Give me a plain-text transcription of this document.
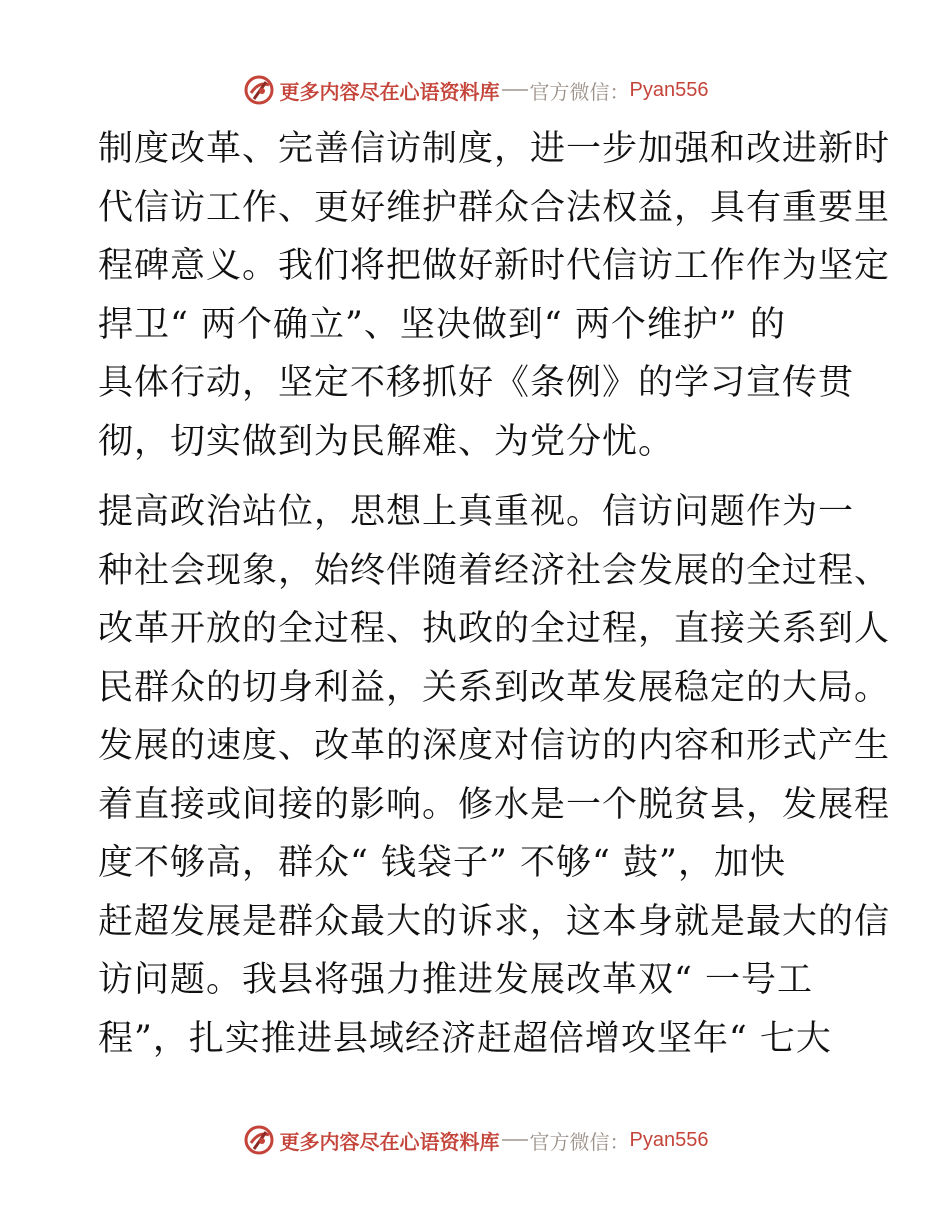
更多内容尽在心语资料库 官方微信： Pyan556
制度改革、完善信访制度，进一步加强和改进新时
代信访工作、更好维护群众合法权益，具有重要里
程碑意义。我们将把做好新时代信访工作作为坚定
捍卫“ 两个确立”、坚决做到“ 两个维护” 的
具体行动，坚定不移抓好《条例》的学习宣传贯
彻，切实做到为民解难、为党分忧。
提高政治站位，思想上真重视。信访问题作为一
种社会现象，始终伴随着经济社会发展的全过程、
改革开放的全过程、执政的全过程，直接关系到人
民群众的切身利益，关系到改革发展稳定的大局。
发展的速度、改革的深度对信访的内容和形式产生
着直接或间接的影响。修水是一个脱贫县，发展程
度不够高，群众“ 钱袋子” 不够“ 鼓”，加快
赶超发展是群众最大的诉求，这本身就是最大的信
访问题。我县将强力推进发展改革双“ 一号工
程”，扎实推进县域经济赶超倍增攻坚年“ 七大
更多内容尽在心语资料库 官方微信： Pyan556
